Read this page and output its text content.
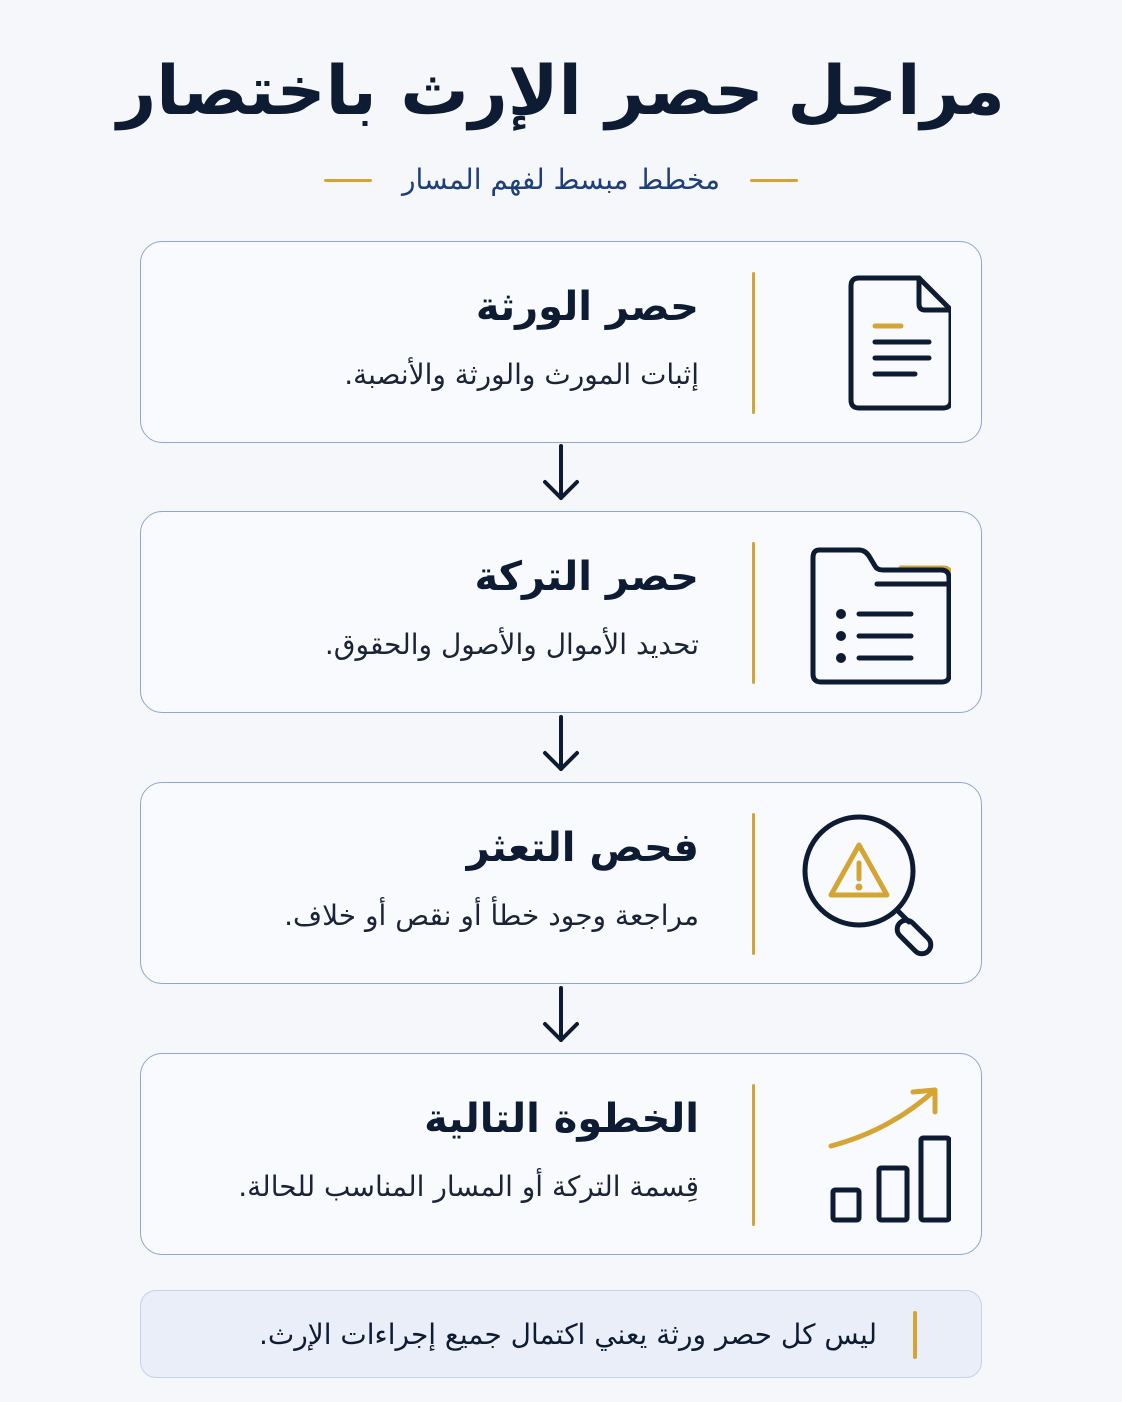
مراحل حصر الإرث باختصار
مخطط مبسط لفهم المسار
حصر الورثة
إثبات المورث والورثة والأنصبة.
حصر التركة
تحديد الأموال والأصول والحقوق.
فحص التعثر
مراجعة وجود خطأ أو نقص أو خلاف.
الخطوة التالية
قِسمة التركة أو المسار المناسب للحالة.
ليس كل حصر ورثة يعني اكتمال جميع إجراءات الإرث.
